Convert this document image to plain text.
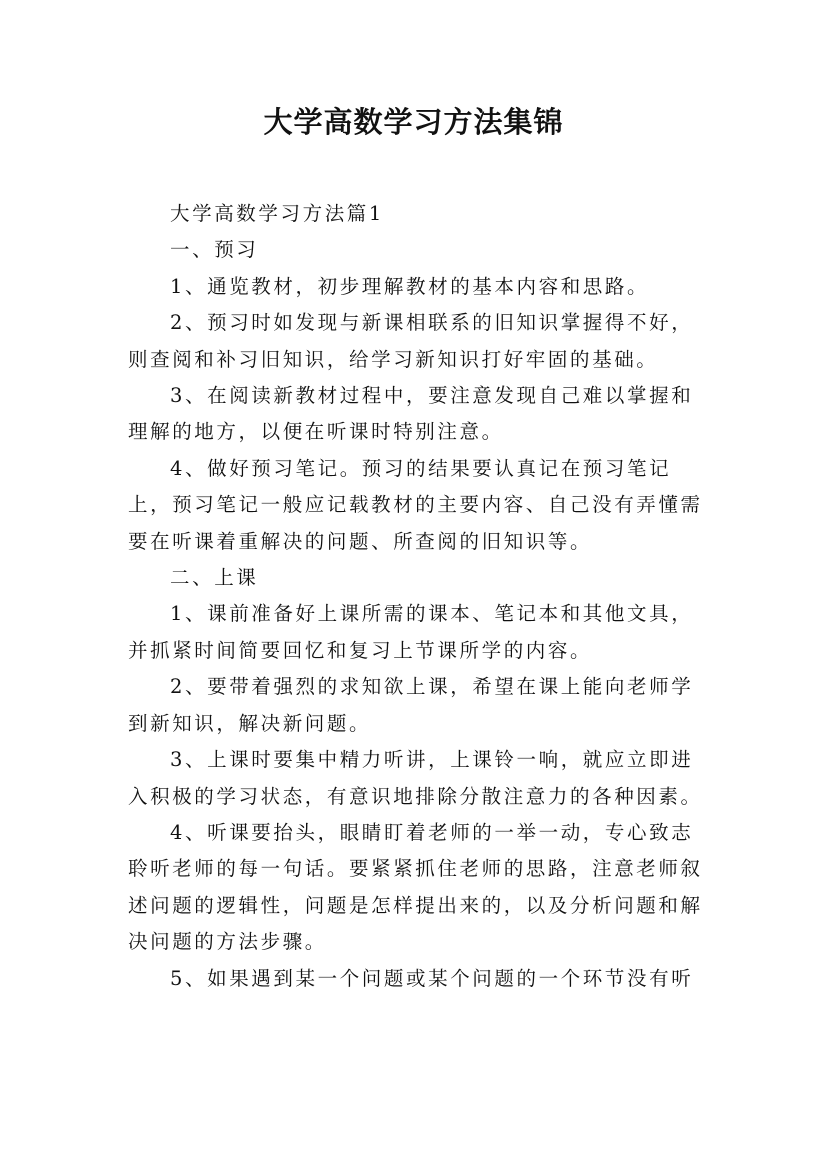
大学高数学习方法集锦

大学高数学习方法篇1

一、预习

1、通览教材，初步理解教材的基本内容和思路。

2、预习时如发现与新课相联系的旧知识掌握得不好，则查阅和补习旧知识，给学习新知识打好牢固的基础。

3、在阅读新教材过程中，要注意发现自己难以掌握和理解的地方，以便在听课时特别注意。

4、做好预习笔记。预习的结果要认真记在预习笔记上，预习笔记一般应记载教材的主要内容、自己没有弄懂需要在听课着重解决的问题、所查阅的旧知识等。

二、上课

1、课前准备好上课所需的课本、笔记本和其他文具，并抓紧时间简要回忆和复习上节课所学的内容。

2、要带着强烈的求知欲上课，希望在课上能向老师学到新知识，解决新问题。

3、上课时要集中精力听讲，上课铃一响，就应立即进入积极的学习状态，有意识地排除分散注意力的各种因素。

4、听课要抬头，眼睛盯着老师的一举一动，专心致志聆听老师的每一句话。要紧紧抓住老师的思路，注意老师叙述问题的逻辑性，问题是怎样提出来的，以及分析问题和解决问题的方法步骤。

5、如果遇到某一个问题或某个问题的一个环节没有听
